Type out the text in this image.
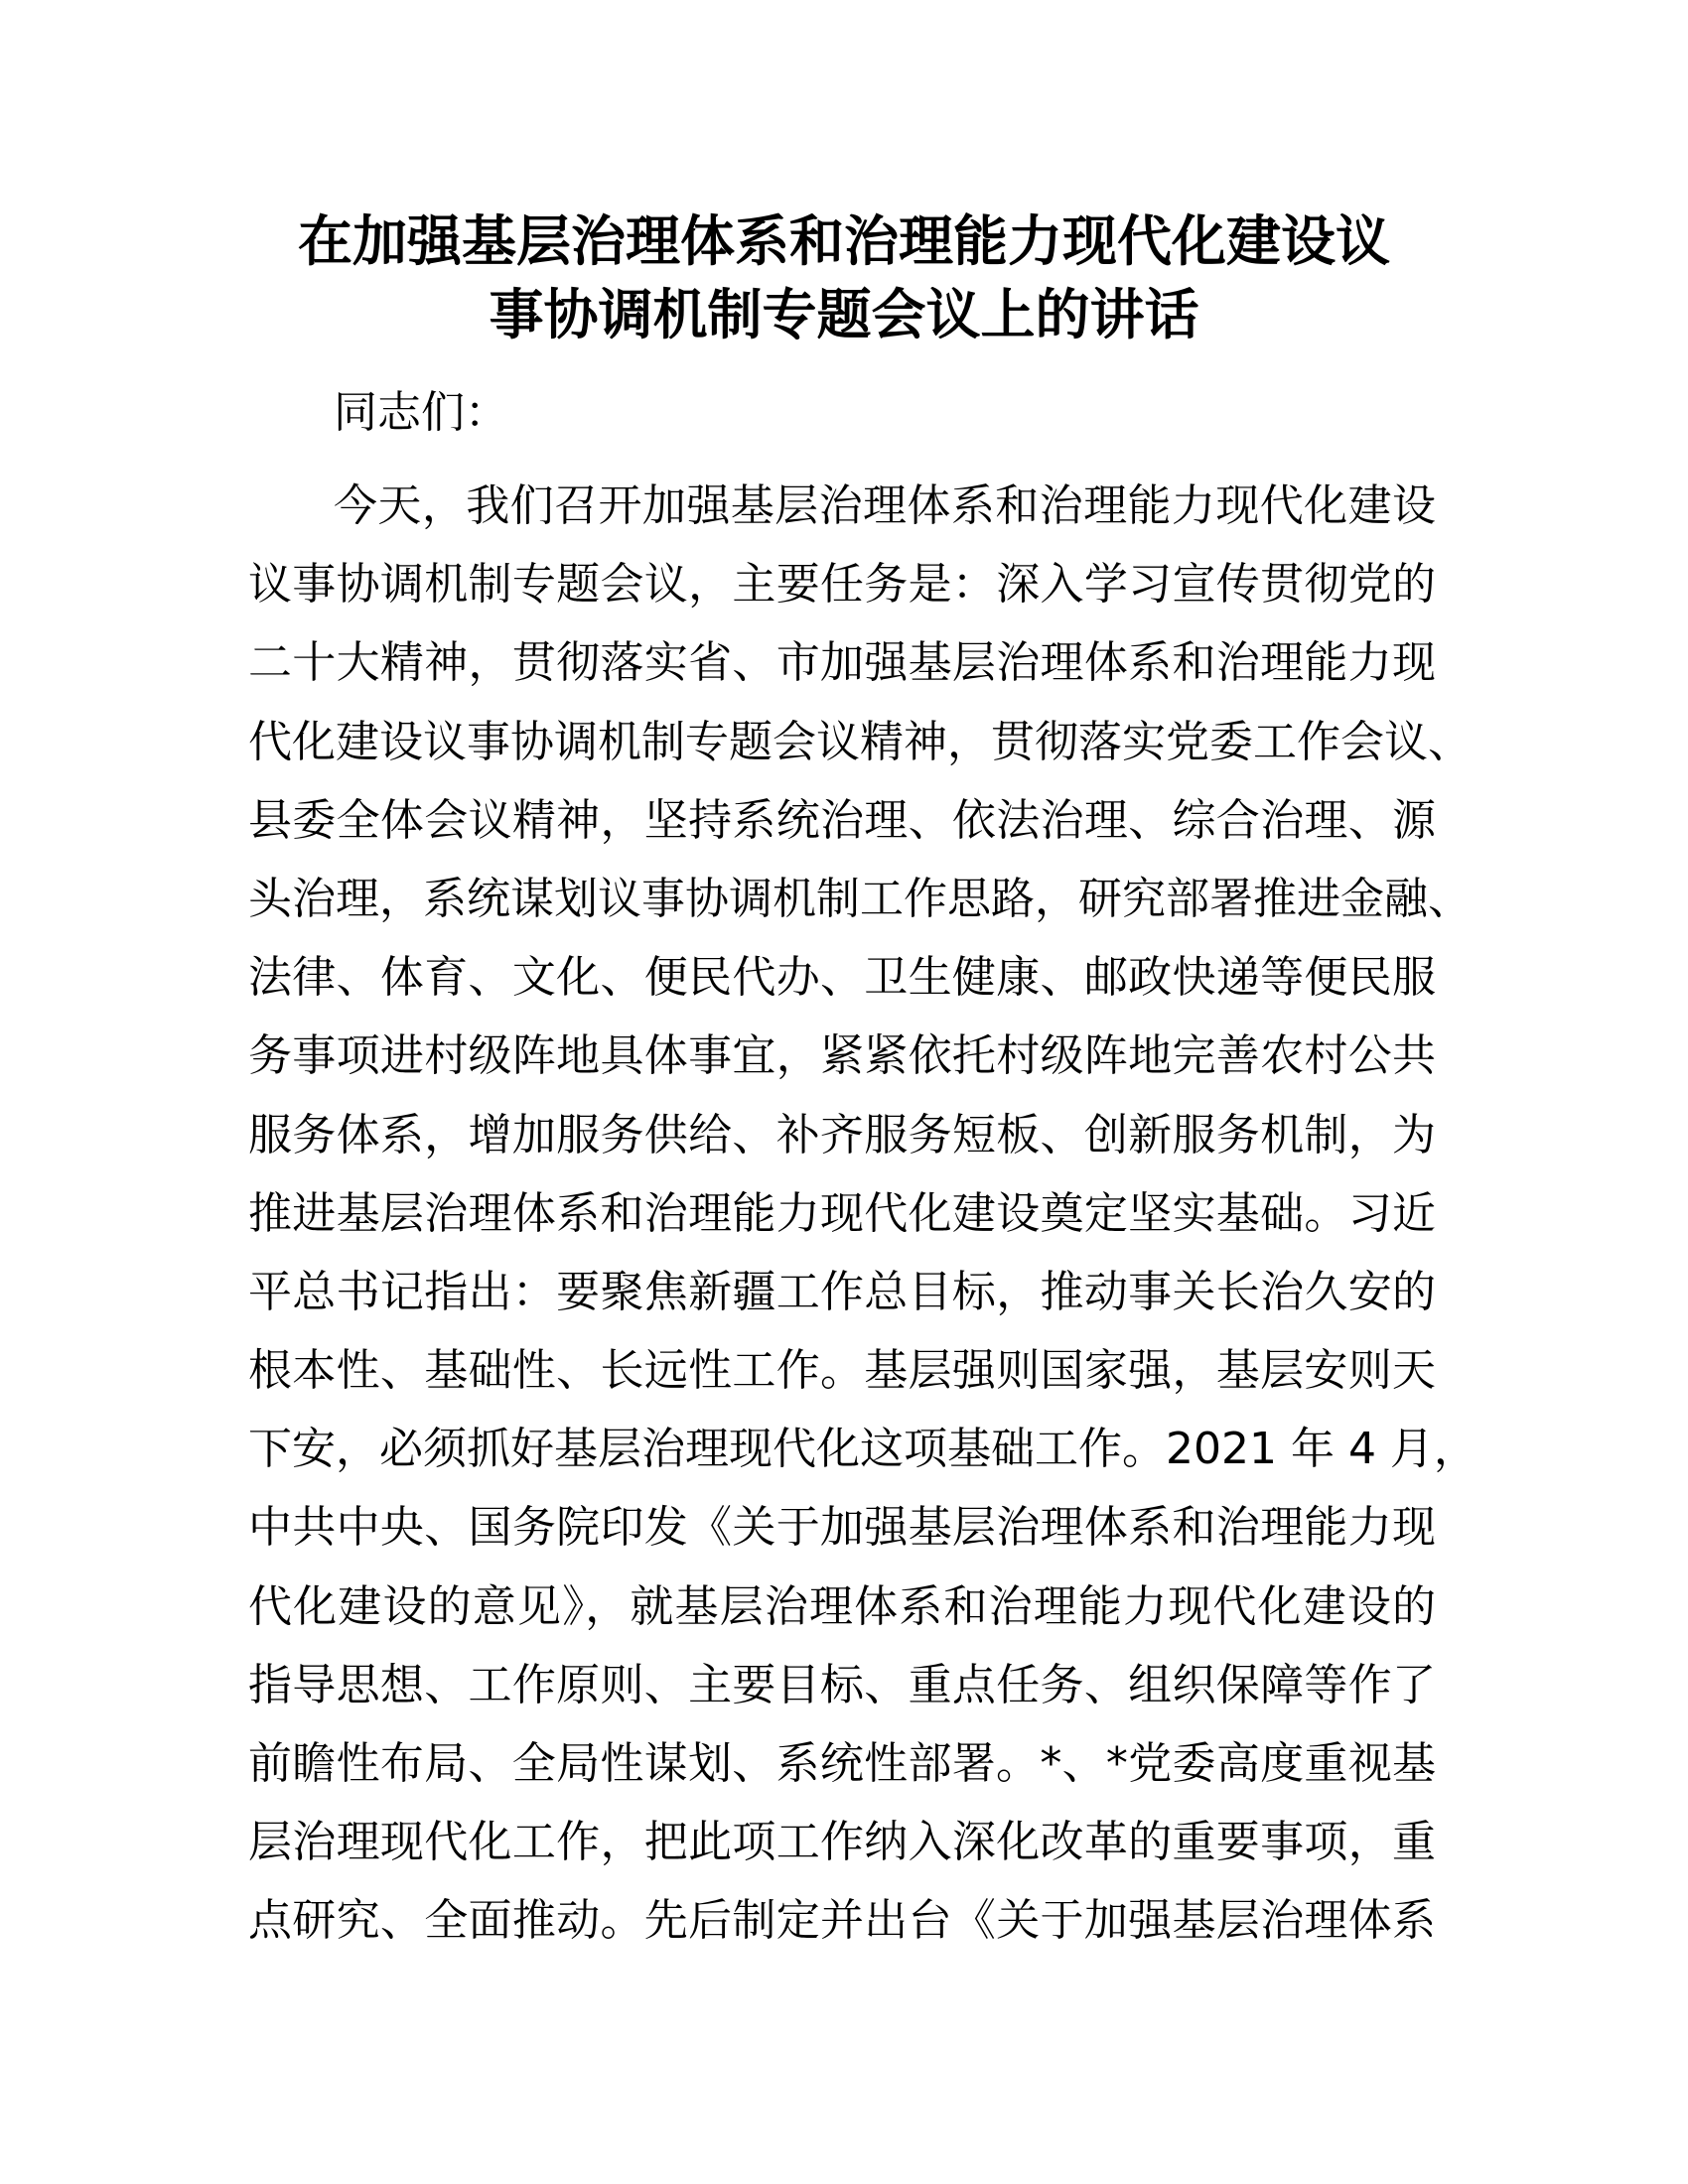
在加强基层治理体系和治理能力现代化建设议
事协调机制专题会议上的讲话
同志们：
今天，我们召开加强基层治理体系和治理能力现代化建设
议事协调机制专题会议，主要任务是：深入学习宣传贯彻党的
二十大精神，贯彻落实省、市加强基层治理体系和治理能力现
代化建设议事协调机制专题会议精神，贯彻落实党委工作会议、
县委全体会议精神，坚持系统治理、依法治理、综合治理、源
头治理，系统谋划议事协调机制工作思路，研究部署推进金融、
法律、体育、文化、便民代办、卫生健康、邮政快递等便民服
务事项进村级阵地具体事宜，紧紧依托村级阵地完善农村公共
服务体系，增加服务供给、补齐服务短板、创新服务机制，为
推进基层治理体系和治理能力现代化建设奠定坚实基础。习近
平总书记指出：要聚焦新疆工作总目标，推动事关长治久安的
根本性、基础性、长远性工作。基层强则国家强，基层安则天
下安，必须抓好基层治理现代化这项基础工作。2021 年 4 月，
中共中央、国务院印发《关于加强基层治理体系和治理能力现
代化建设的意见》，就基层治理体系和治理能力现代化建设的
指导思想、工作原则、主要目标、重点任务、组织保障等作了
前瞻性布局、全局性谋划、系统性部署。*、*党委高度重视基
层治理现代化工作，把此项工作纳入深化改革的重要事项，重
点研究、全面推动。先后制定并出台《关于加强基层治理体系
